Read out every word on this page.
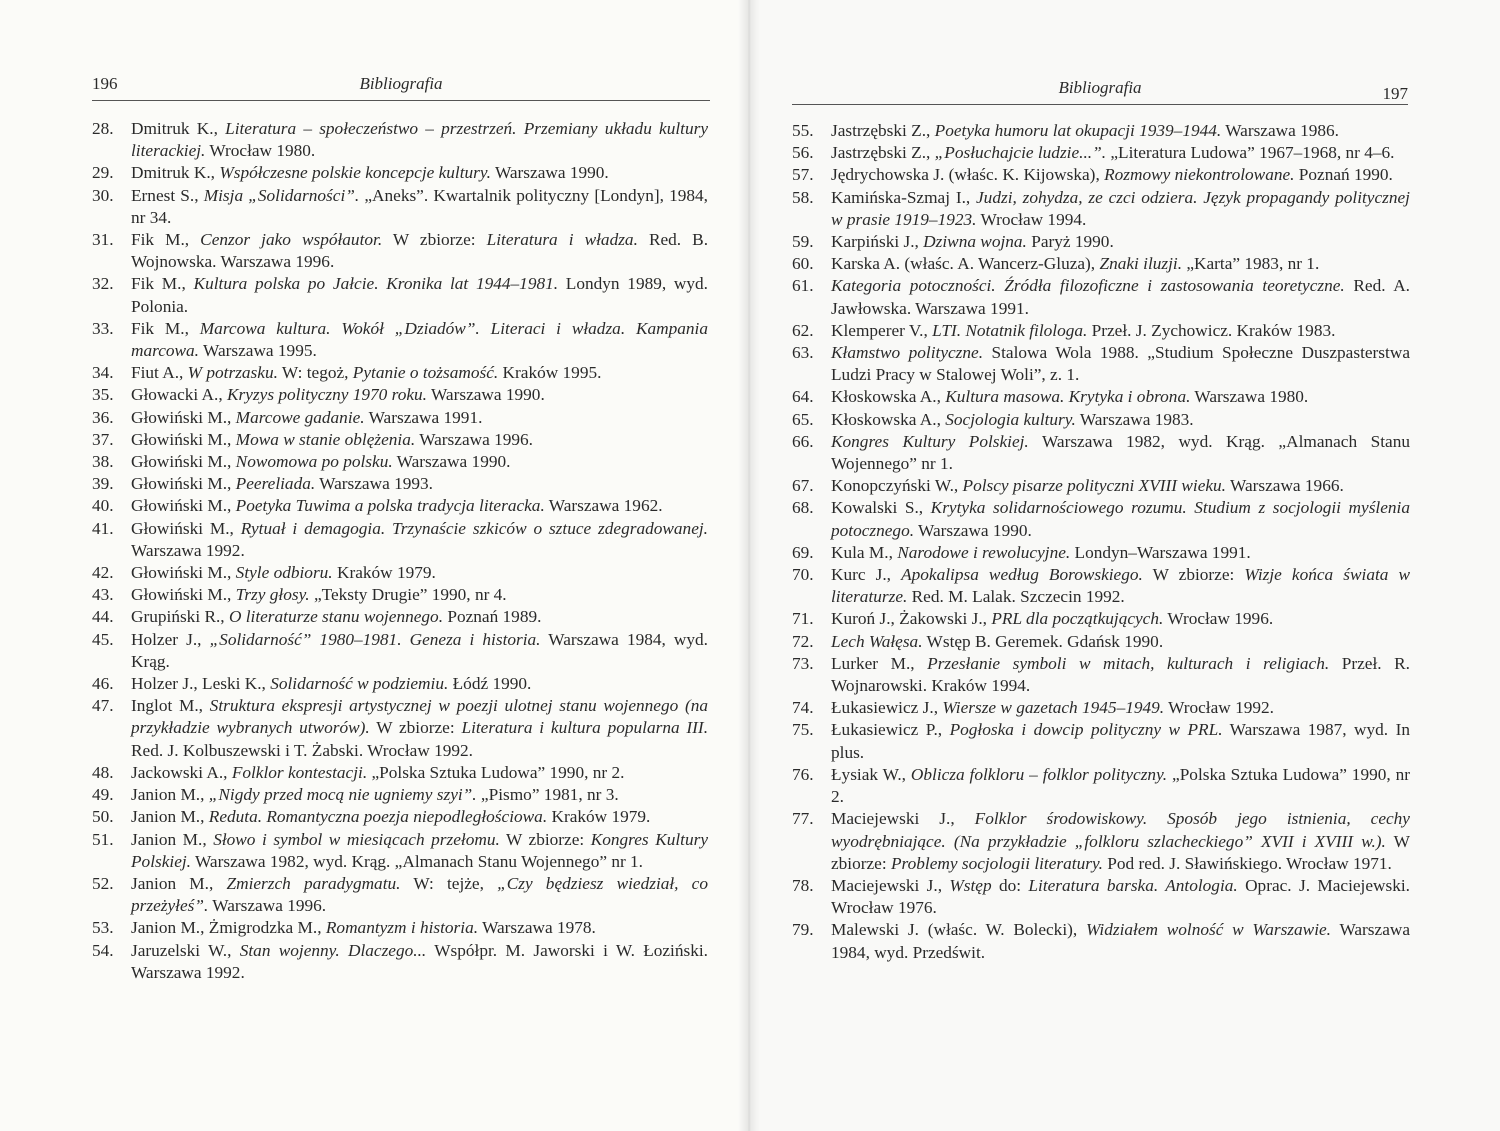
196	Bibliografia
28. Dmitruk K., Literatura – społeczeństwo – przestrzeń. Przemiany układu kultury literackiej. Wrocław 1980.
29. Dmitruk K., Współczesne polskie koncepcje kultury. Warszawa 1990.
30. Ernest S., Misja „Solidarności”. „Aneks”. Kwartalnik polityczny [Londyn], 1984, nr 34.
31. Fik M., Cenzor jako współautor. W zbiorze: Literatura i władza. Red. B. Wojnowska. Warszawa 1996.
32. Fik M., Kultura polska po Jałcie. Kronika lat 1944–1981. Londyn 1989, wyd. Polonia.
33. Fik M., Marcowa kultura. Wokół „Dziadów”. Literaci i władza. Kampania marcowa. Warszawa 1995.
34. Fiut A., W potrzasku. W: tegoż, Pytanie o tożsamość. Kraków 1995.
35. Głowacki A., Kryzys polityczny 1970 roku. Warszawa 1990.
36. Głowiński M., Marcowe gadanie. Warszawa 1991.
37. Głowiński M., Mowa w stanie oblężenia. Warszawa 1996.
38. Głowiński M., Nowomowa po polsku. Warszawa 1990.
39. Głowiński M., Peereliada. Warszawa 1993.
40. Głowiński M., Poetyka Tuwima a polska tradycja literacka. Warszawa 1962.
41. Głowiński M., Rytuał i demagogia. Trzynaście szkiców o sztuce zdegradowanej. Warszawa 1992.
42. Głowiński M., Style odbioru. Kraków 1979.
43. Głowiński M., Trzy głosy. „Teksty Drugie” 1990, nr 4.
44. Grupiński R., O literaturze stanu wojennego. Poznań 1989.
45. Holzer J., „Solidarność” 1980–1981. Geneza i historia. Warszawa 1984, wyd. Krąg.
46. Holzer J., Leski K., Solidarność w podziemiu. Łódź 1990.
47. Inglot M., Struktura ekspresji artystycznej w poezji ulotnej stanu wojennego (na przykładzie wybranych utworów). W zbiorze: Literatura i kultura popularna III. Red. J. Kolbuszewski i T. Żabski. Wrocław 1992.
48. Jackowski A., Folklor kontestacji. „Polska Sztuka Ludowa” 1990, nr 2.
49. Janion M., „Nigdy przed mocą nie ugniemy szyi”. „Pismo” 1981, nr 3.
50. Janion M., Reduta. Romantyczna poezja niepodległościowa. Kraków 1979.
51. Janion M., Słowo i symbol w miesiącach przełomu. W zbiorze: Kongres Kultury Polskiej. Warszawa 1982, wyd. Krąg. „Almanach Stanu Wojennego” nr 1.
52. Janion M., Zmierzch paradygmatu. W: tejże, „Czy będziesz wiedział, co przeżyłeś”. Warszawa 1996.
53. Janion M., Żmigrodzka M., Romantyzm i historia. Warszawa 1978.
54. Jaruzelski W., Stan wojenny. Dlaczego... Współpr. M. Jaworski i W. Łoziński. Warszawa 1992.
Bibliografia	197
55. Jastrzębski Z., Poetyka humoru lat okupacji 1939–1944. Warszawa 1986.
56. Jastrzębski Z., „Posłuchajcie ludzie...”. „Literatura Ludowa” 1967–1968, nr 4–6.
57. Jędrychowska J. (właśc. K. Kijowska), Rozmowy niekontrolowane. Poznań 1990.
58. Kamińska-Szmaj I., Judzi, zohydza, ze czci odziera. Język propagandy politycznej w prasie 1919–1923. Wrocław 1994.
59. Karpiński J., Dziwna wojna. Paryż 1990.
60. Karska A. (właśc. A. Wancerz-Gluza), Znaki iluzji. „Karta” 1983, nr 1.
61. Kategoria potoczności. Źródła filozoficzne i zastosowania teoretyczne. Red. A. Jawłowska. Warszawa 1991.
62. Klemperer V., LTI. Notatnik filologa. Przeł. J. Zychowicz. Kraków 1983.
63. Kłamstwo polityczne. Stalowa Wola 1988. „Studium Społeczne Duszpasterstwa Ludzi Pracy w Stalowej Woli”, z. 1.
64. Kłoskowska A., Kultura masowa. Krytyka i obrona. Warszawa 1980.
65. Kłoskowska A., Socjologia kultury. Warszawa 1983.
66. Kongres Kultury Polskiej. Warszawa 1982, wyd. Krąg. „Almanach Stanu Wojennego” nr 1.
67. Konopczyński W., Polscy pisarze polityczni XVIII wieku. Warszawa 1966.
68. Kowalski S., Krytyka solidarnościowego rozumu. Studium z socjologii myślenia potocznego. Warszawa 1990.
69. Kula M., Narodowe i rewolucyjne. Londyn–Warszawa 1991.
70. Kurc J., Apokalipsa według Borowskiego. W zbiorze: Wizje końca świata w literaturze. Red. M. Lalak. Szczecin 1992.
71. Kuroń J., Żakowski J., PRL dla początkujących. Wrocław 1996.
72. Lech Wałęsa. Wstęp B. Geremek. Gdańsk 1990.
73. Lurker M., Przesłanie symboli w mitach, kulturach i religiach. Przeł. R. Wojnarowski. Kraków 1994.
74. Łukasiewicz J., Wiersze w gazetach 1945–1949. Wrocław 1992.
75. Łukasiewicz P., Pogłoska i dowcip polityczny w PRL. Warszawa 1987, wyd. In plus.
76. Łysiak W., Oblicza folkloru – folklor polityczny. „Polska Sztuka Ludowa” 1990, nr 2.
77. Maciejewski J., Folklor środowiskowy. Sposób jego istnienia, cechy wyodrębniające. (Na przykładzie „folkloru szlacheckiego” XVII i XVIII w.). W zbiorze: Problemy socjologii literatury. Pod red. J. Sławińskiego. Wrocław 1971.
78. Maciejewski J., Wstęp do: Literatura barska. Antologia. Oprac. J. Maciejewski. Wrocław 1976.
79. Malewski J. (właśc. W. Bolecki), Widziałem wolność w Warszawie. Warszawa 1984, wyd. Przedświt.
